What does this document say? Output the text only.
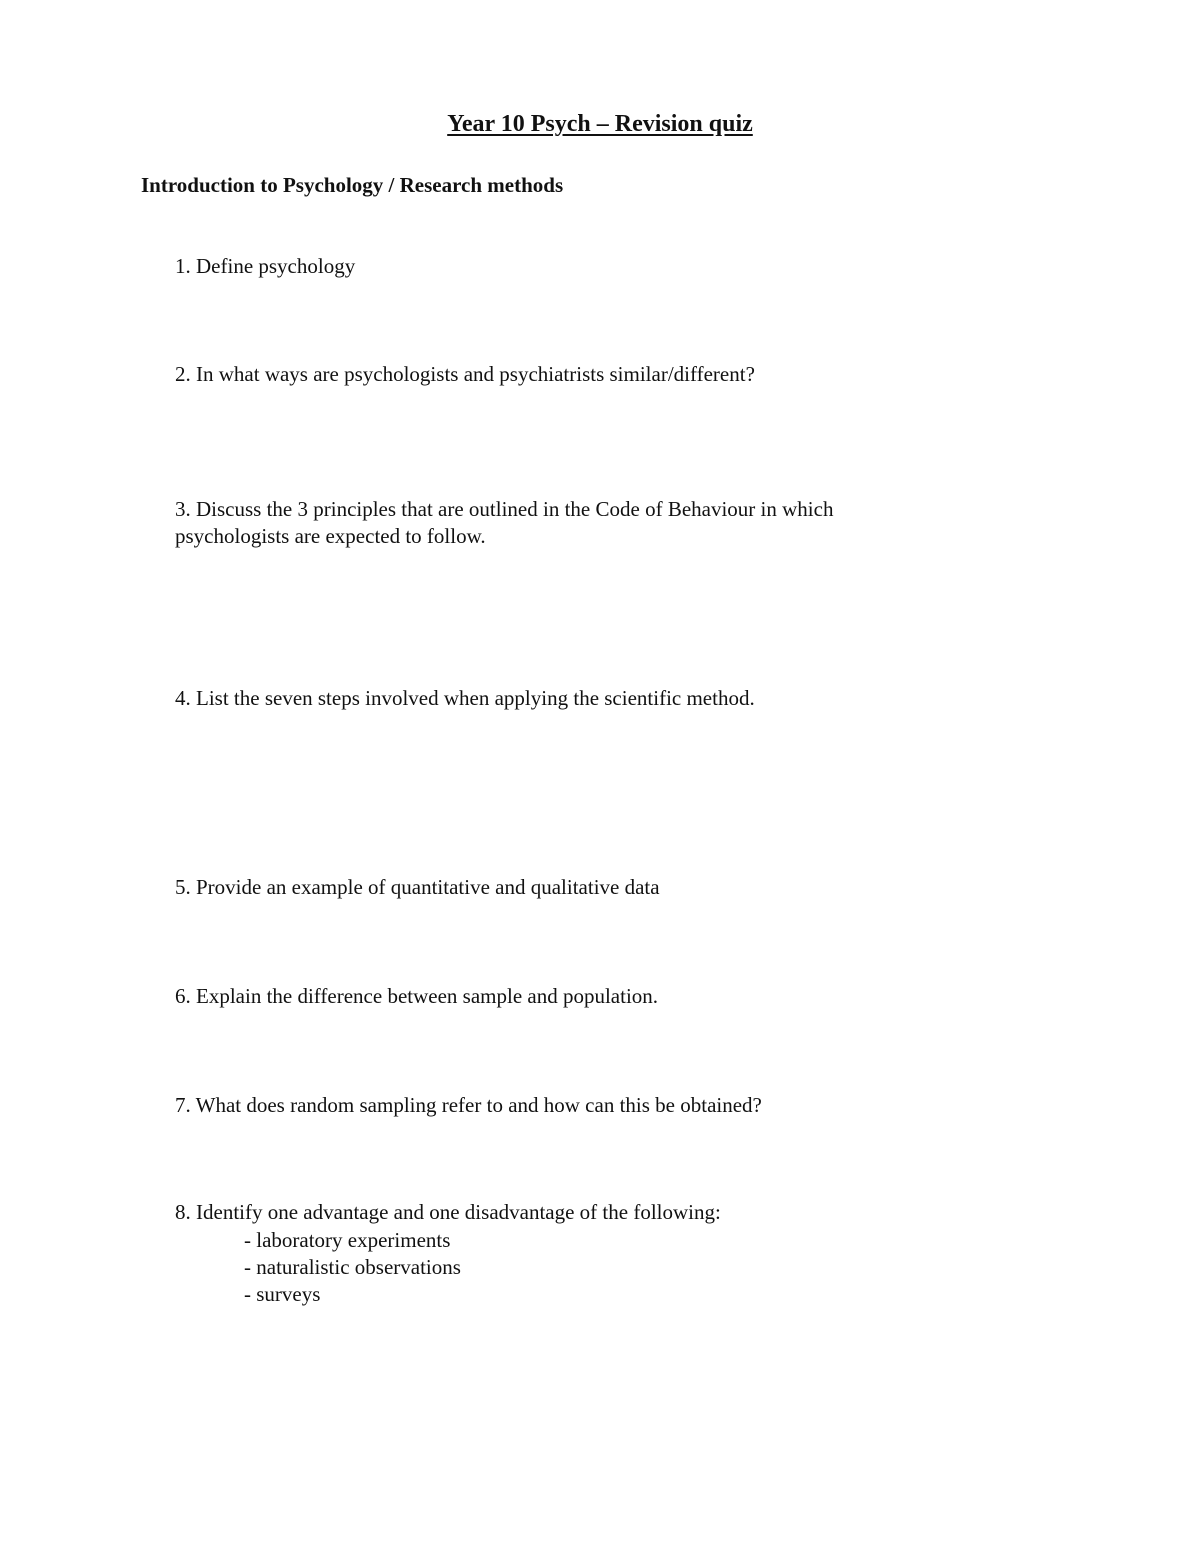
Year 10 Psych – Revision quiz
Introduction to Psychology / Research methods

1. Define psychology

2. In what ways are psychologists and psychiatrists similar/different?

3. Discuss the 3 principles that are outlined in the Code of Behaviour in which psychologists are expected to follow.

4. List the seven steps involved when applying the scientific method.

5. Provide an example of quantitative and qualitative data

6. Explain the difference between sample and population.

7. What does random sampling refer to and how can this be obtained?

8. Identify one advantage and one disadvantage of the following:

- laboratory experiments
- naturalistic observations
- surveys
